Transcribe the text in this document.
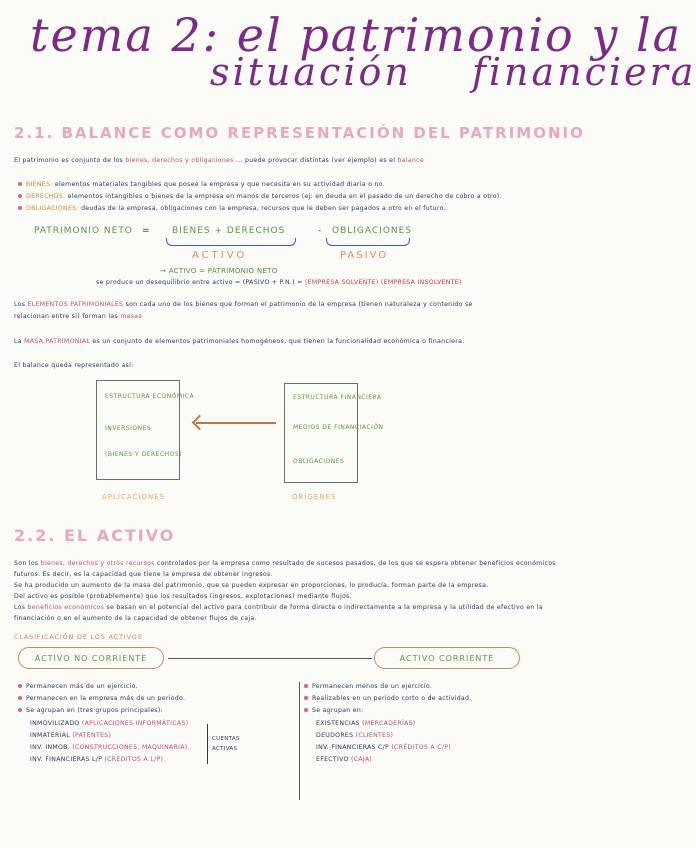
tema 2: el patrimonio y la
situación financiera
2.1. BALANCE COMO REPRESENTACIÓN DEL PATRIMONIO
El patrimonio es conjunto de los bienes, derechos y obligaciones ... puede provocar distintas (ver ejemplo) es el balance
BIENES: elementos materiales tangibles que posee la empresa y que necesita en su actividad diaria o no.
DERECHOS: elementos intangibles o bienes de la empresa en manos de terceros (ej: en deuda en el pasado de un derecho de cobro a otro).
OBLIGACIONES: deudas de la empresa, obligaciones con la empresa, recursos que le deben ser pagados a otro en el futuro.
PATRIMONIO NETO = BIENES + DERECHOS	- OBLIGACIONES
ACTIVO	PASIVO
→ ACTIVO = PATRIMONIO NETO
se produce un desequilibrio entre activo = (PASIVO + P.N.) = (EMPRESA SOLVENTE) (EMPRESA INSOLVENTE)
Los ELEMENTOS PATRIMONIALES son cada uno de los bienes que forman el patrimonio de la empresa (tienen naturaleza y contenido se
relacionan entre si) forman las masas
La MASA PATRIMONIAL es un conjunto de elementos patrimoniales homogéneos, que tienen la funcionalidad económica o financiera.
El balance queda representado así:
ESTRUCTURA ECONÓMICA
INVERSIONES
(BIENES Y DERECHOS)
ESTRUCTURA FINANCIERA
MEDIOS DE FINANCIACIÓN
OBLIGACIONES
APLICACIONES	ORÍGENES
2.2. EL ACTIVO
Son los bienes, derechos y otros recursos controlados por la empresa como resultado de sucesos pasados, de los que se espera obtener beneficios económicos
futuros. Es decir, es la capacidad que tiene la empresa de obtener ingresos.
Se ha producido un aumento de la masa del patrimonio, que se pueden expresar en proporciones, lo producía, forman parte de la empresa.
Del activo es posible (probablemente) que los resultados (ingresos, explotaciones) mediante flujos.
Los beneficios económicos se basan en el potencial del activo para contribuir de forma directa o indirectamente a la empresa y la utilidad de efectivo en la
financiación o en el aumento de la capacidad de obtener flujos de caja.
CLASIFICACIÓN DE LOS ACTIVOS
ACTIVO NO CORRIENTE	ACTIVO CORRIENTE
Permanecen más de un ejercicio.
Permanecen en la empresa más de un periodo.
Se agrupan en (tres grupos principales):
INMOVILIZADO (APLICACIONES INFORMÁTICAS)
INMATERIAL (PATENTES)
INV. INMOB. (CONSTRUCCIONES, MAQUINARIA)
INV. FINANCIERAS L/P (CRÉDITOS A L/P)
CUENTAS
ACTIVAS
Permanecen menos de un ejercicio.
Realizables en un periodo corto o de actividad.
Se agrupan en:
EXISTENCIAS (MERCADERÍAS)
DEUDORES (CLIENTES)
INV. FINANCIERAS C/P (CRÉDITOS A C/P)
EFECTIVO (CAJA)
